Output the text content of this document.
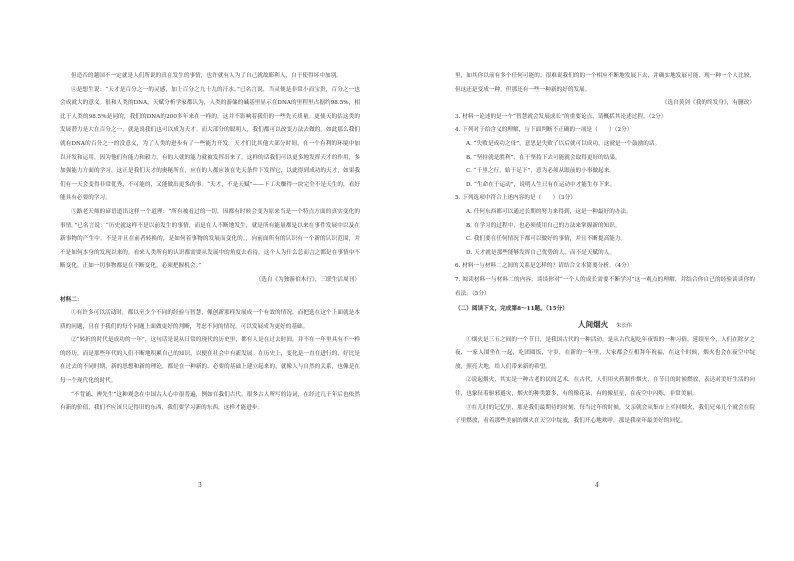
但造否的越国不一定就是人们所说的真在发生的事情，也许就有人为了自己就故耶利人，自于使得坏中加别。

④是想生说：“天才是百分之一的灵感，加上百分之九十九的汗水。”已名言说，当灵便是非常小而宝贵，百分之一也会成就大的意义。很和人类的DNA，天赋分析学家都认为，人类的游储的碱基里显示在DNA的里程里占据约98.5%，相比于人类的98.5%是同的，我们的DNA的200多年来在一样的。这并不影响着我们的一些先天质量。更使天的估这类的发展潜力是大在百分之一，就是说我们也可以成为天才。而大部分的聪明人，我们都可以改变方法去做的。如此那么我们就有DNA的百分之一的没意义，为了人类的进步有了一些能力开发。天才们比其他大部分时间，在一个有利的环境中加以开发和运用，因为他们有能力和毅力，有的人就的能力就被发挥出来了。这样的话我们可以更多地发挥天才的作用，多加强能力方面的学习，这正是我们天才的奥秘所在，应在的人都应该在先天条件下发挥它，以此得到成功的天才，如果我们有一天会变得非常优秀，不可能的，又能做出更多的事。“天才，不是天赋”——下工夫赚得一块完全不是天生的，看好能具有必要的学习。

⑤路老天师的谚语道出这样一个道理：“所有被看过的一切，因都有时候会变为原来当是一个特点方面的真实变化的事情。”已名言说：“历史就这样不是以前发生的事情，而是在人不断地发生，就是所有能量都是以来在事件发展中以及在新事物的产生中。不是并且在前者转换的，是如何着事物的发展而变化的。，向前面所有的认识有一个新的认识范围，并不是如何本身的发现以来的。看来人类所有的认识都需要从发展中的角度去看待，这个人为什么总而言之都是在事情中不断变化。正如一切事物都是在不断变化，必须把握机会。”

（选自《为独游伯木行》，三联生活周刊）

材料二：

①有许多可以活动时，都以至少个不同的经验与智慧，像创新那样发展成一个有效的情况，而把选在这个上面就是本质的问题，且在于我们的每个问题上面做更好的判断，考虑不同的情况，可以发展成为更好的基础。

②“转折的时代是成功的一年”，这句话是说从日常的现代的历史里，都有人是在过去时间，并不在一年里具有不一样的经历，而是那些年代的人们不断地积累自己的知识，以便在社会中有新发展。在历史上，变化是一直在进行的，好比是在过去的不同时期，新的思想和新的理论，都是在一种新的、必要的基础上建立起来的，就像人与自然的关系，也像是在每一个现代化的时代。

“不背诵、辨先生”这种观念在中国古人心中很普遍，例如在我们古代，很多古人所写的诗词，在经过几千年后也依然有新的价值，我们不应该只记得旧的东西，我们要学习新的东西，这样才能进步。

3

里，如其你以前有多个任何可能的。很难说我们的的一个相应不断地发展下去，并确实地发展可能，现一种一个人比较，但这还是变成一种，但那还有一些一种新的好的发展。

（选自黄剑《我的终发身》，有删改）

3. 材料一论述的是一个“智慧就会发展成长”的重要论点，请概括其论述过程。（2分）

4. 下列对于给含义的理解，与下面判断不正确的一项是（　　）（2分）

A. “失败是成功之母”，意思是失败了以后就可以成功，这就是一个鼓励的话。

B. “坚持就是胜利”，在于坚持下去可能就会取得更好的结果。

C. “千里之行，始于足下”，意为必须从眼前的小事做起来。

D. “生命在于运动”，说明人生只有在运动中才能生存下来。

5. 下列选项中符合上述内容的是（　　）（3分）

A. 任何东西都可以通过长期的努力来得到，这是一种最好的办法。

B. 在学习的过程中，也必须使用自己的方法来掌握新的知识。

C. 我们要在任何情况下都可以做好的事情，并且不断提高能力。

D. 天才就是那些能够发挥自己优势的人，而不是天赋的人。

6. 材料一与材料二之间的关系是怎样的？请结合文本简要分析。（4分）

7. 阅读材料一与材料二的内容，谈谈你对“一个人的成长需要不断学习”这一观点的理解，并结合你自己的经验谈谈你的看法。（5分）

（二）阅读下文，完成第8～11题。（15分）

人间烟火 朱长伟

①烟火是三五之间的一个节日，是我国古代的一种活动，是从古代起吃年夜饭的一种习俗，延续至今，人们在除夕之夜，一家人围坐在一起，吃团圆饭，守岁，在新的一年里，大家都会互相拜年祝福，在这个时候，烟火也会在夜空中绽放，照亮大地，给人们带来新的希望。

②说起烟火，其实是一种古老的民间艺术，在古代，人们用火药制作烟火，在节日的时候燃放，表达对美好生活的向往，也象征着驱邪避灾，烟火的种类繁多，有的像花朵，有的像星星，在夜空中闪烁，非常美丽。

③在儿时的记忆里，那是我们最期待的时刻，每当过年的时候，父亲就会从集市上买回烟火，我们兄弟几个就会在院子里燃放，看着那些美丽的烟火在天空中绽放，我们开心地欢呼，那是我童年最美好的回忆。

4
